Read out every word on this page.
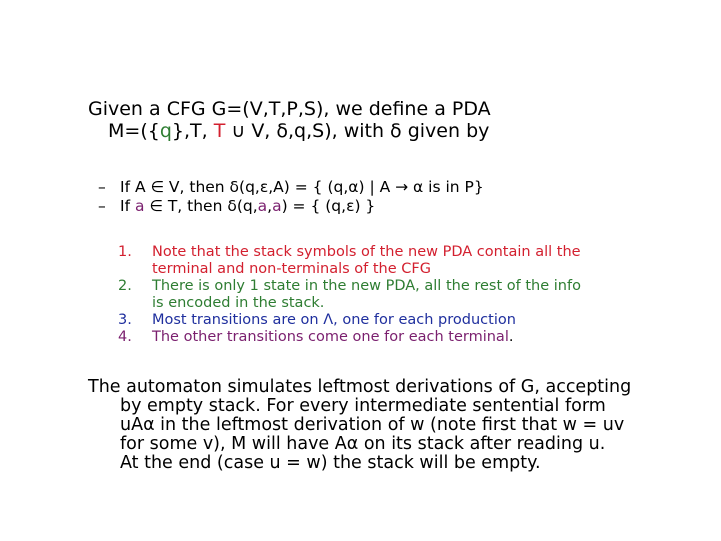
Given a CFG G=(V,T,P,S), we define a PDA
M=({q},T, T ∪ V, δ,q,S), with δ given by
– If A ∈ V, then δ(q,ε,A) = { (q,α) | A → α is in P}
– If a ∈ T, then δ(q,a,a) = { (q,ε) }
1. Note that the stack symbols of the new PDA contain all the
terminal and non-terminals of the CFG
2. There is only 1 state in the new PDA, all the rest of the info
is encoded in the stack.
3. Most transitions are on Λ, one for each production
4. The other transitions come one for each terminal.
The automaton simulates leftmost derivations of G, accepting
by empty stack. For every intermediate sentential form
uAα in the leftmost derivation of w (note first that w = uv
for some v), M will have Aα on its stack after reading u.
At the end (case u = w) the stack will be empty.
